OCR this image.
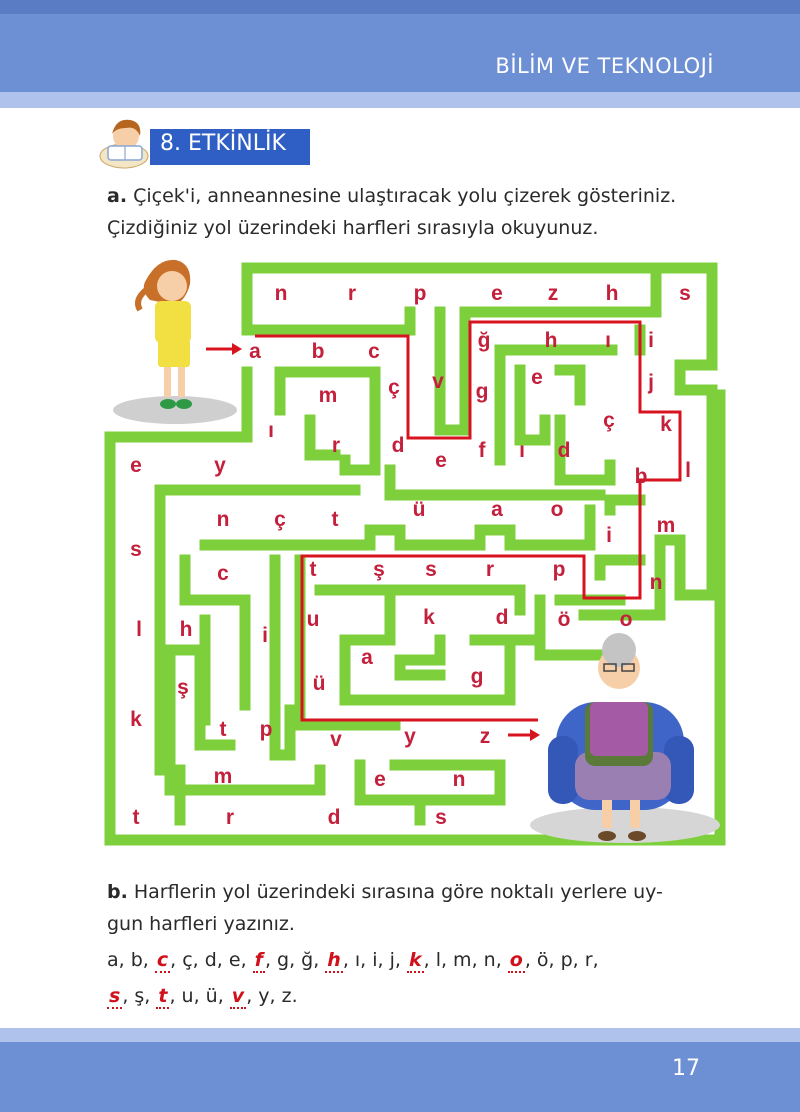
BİLİM VE TEKNOLOJİ
8. ETKİNLİK
a. Çiçek'i, anneannesine ulaştıracak yolu çizerek gösteriniz.
Çizdiğiniz yol üzerindeki harfleri sırasıyla okuyunuz.
n	r	p	e z h	s
a b c	ğ	h ı i
m ç v g
e	j
ı
r d
e f ı d
ç k
e	y	b l
n ç t	ü	a o
i m
s
c	t	ş s r	p
n
u	k	d ö o
l h	i
a
g
ş	ü
k	t p	v	y	z
m	e	n
t	r	d	s
b. Harflerin yol üzerindeki sırasına göre noktalı yerlere uy-
gun harfleri yazınız.
a, b, c , ç, d, e, f , g, ğ, h , ı, i, j, k , l, m, n, o , ö, p, r,
s , ş, t , u, ü, v , y, z.
17
